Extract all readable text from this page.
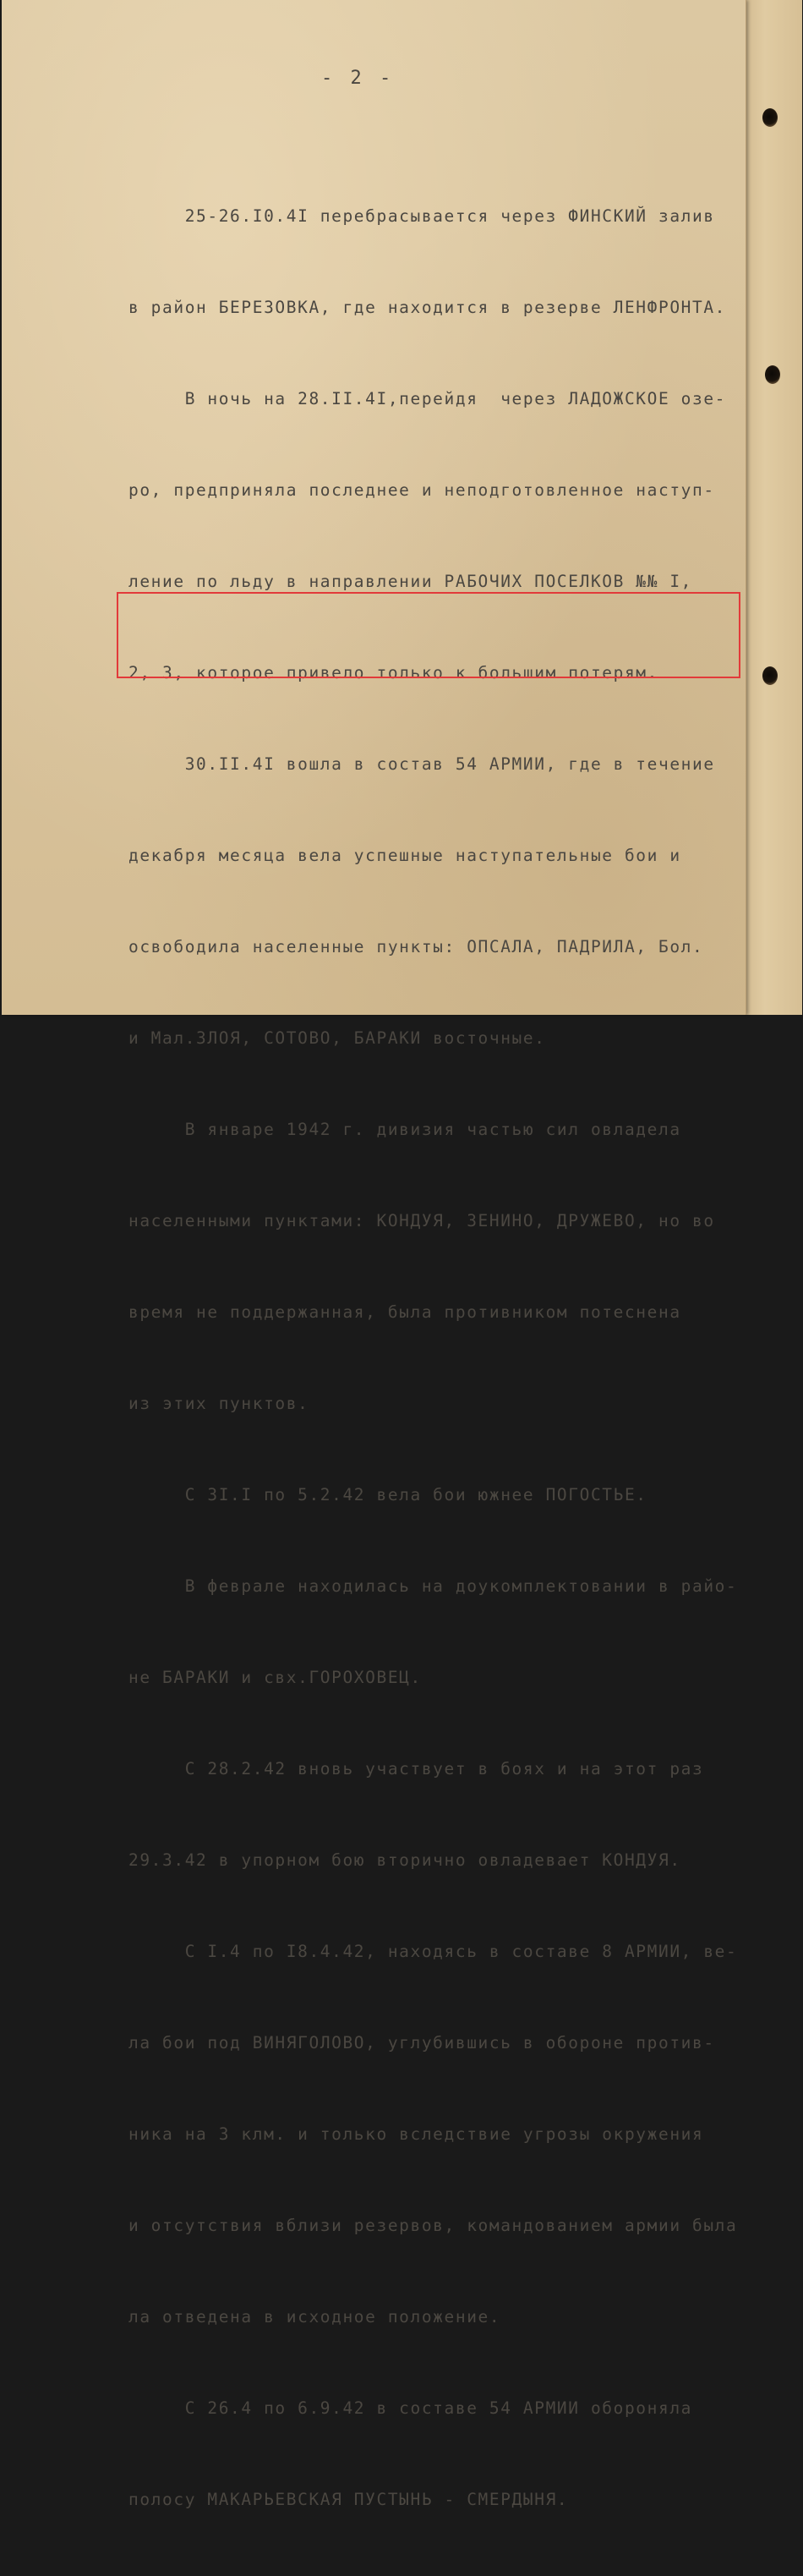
- 2 -

25-26.I0.4I перебрасывается через ФИНСКИЙ залив

в район БЕРЕЗОВКА, где находится в резерве ЛЕНФРОНТА.

В ночь на 28.II.4I,перейдя  через ЛАДОЖСКОЕ озе-

ро, предприняла последнее и неподготовленное наступ-

ление по льду в направлении РАБОЧИХ ПОСЕЛКОВ №№ I,

2, 3, которое привело только к большим потерям.

30.II.4I вошла в состав 54 АРМИИ, где в течение

декабря месяца вела успешные наступательные бои и

освободила населенные пункты: ОПСАЛА, ПАДРИЛА, Бол.

и Мал.ЗЛОЯ, СОТОВО, БАРАКИ восточные.

В январе 1942 г. дивизия частью сил овладела

населенными пунктами: КОНДУЯ, ЗЕНИНО, ДРУЖЕВО, но во

время не поддержанная, была противником потеснена

из этих пунктов.

С 3I.I по 5.2.42 вела бои южнее ПОГОСТЬЕ.

В феврале находилась на доукомплектовании в райо-

не БАРАКИ и свх.ГОРОХОВЕЦ.

С 28.2.42 вновь участвует в боях и на этот раз

29.3.42 в упорном бою вторично овладевает КОНДУЯ.

С I.4 по I8.4.42, находясь в составе 8 АРМИИ, ве-

ла бои под ВИНЯГОЛОВО, углубившись в обороне против-

ника на 3 клм. и только вследствие угрозы окружения

и отсутствия вблизи резервов, командованием армии была

ла отведена в исходное положение.

С 26.4 по 6.9.42 в составе 54 АРМИИ обороняла

полосу МАКАРЬЕВСКАЯ ПУСТЫНЬ - СМЕРДЫНЯ.
